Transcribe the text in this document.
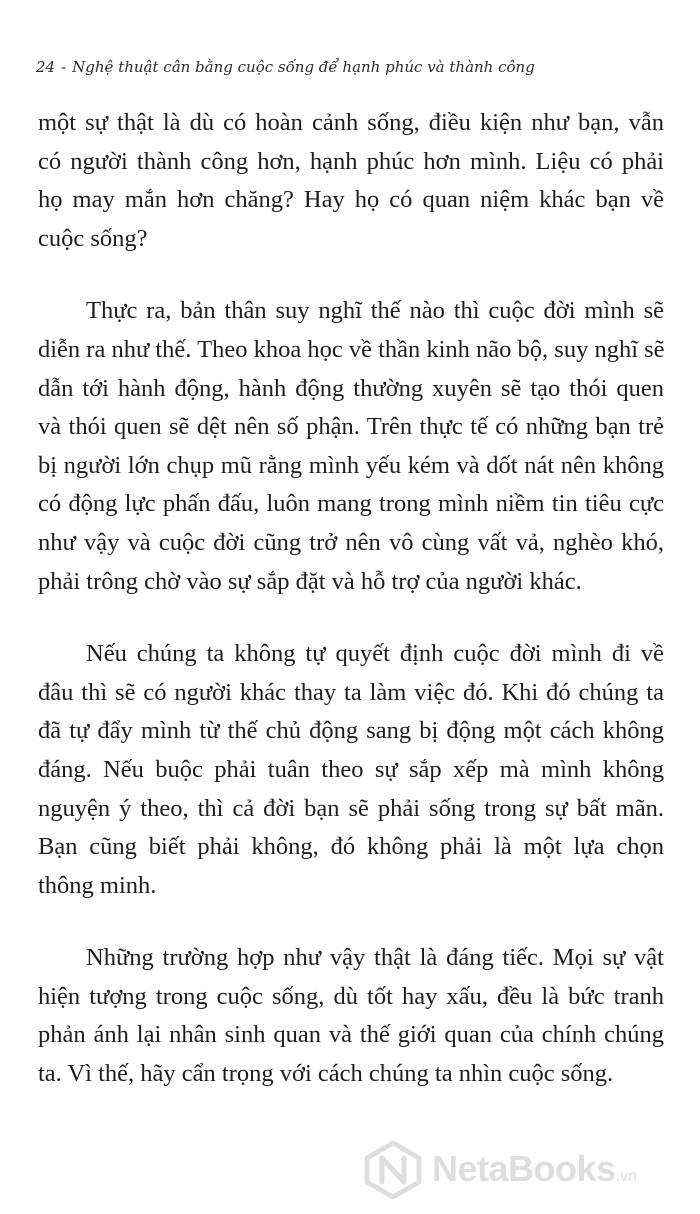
24 - Nghệ thuật cân bằng cuộc sống để hạnh phúc và thành công

một sự thật là dù có hoàn cảnh sống, điều kiện như bạn, vẫn
có người thành công hơn, hạnh phúc hơn mình. Liệu có phải
họ may mắn hơn chăng? Hay họ có quan niệm khác bạn về
cuộc sống?

Thực ra, bản thân suy nghĩ thế nào thì cuộc đời mình sẽ
diễn ra như thế. Theo khoa học về thần kinh não bộ, suy nghĩ sẽ
dẫn tới hành động, hành động thường xuyên sẽ tạo thói quen
và thói quen sẽ dệt nên số phận. Trên thực tế có những bạn trẻ
bị người lớn chụp mũ rằng mình yếu kém và dốt nát nên không
có động lực phấn đấu, luôn mang trong mình niềm tin tiêu cực
như vậy và cuộc đời cũng trở nên vô cùng vất vả, nghèo khó,
phải trông chờ vào sự sắp đặt và hỗ trợ của người khác.

Nếu chúng ta không tự quyết định cuộc đời mình đi về
đâu thì sẽ có người khác thay ta làm việc đó. Khi đó chúng ta
đã tự đẩy mình từ thế chủ động sang bị động một cách không
đáng. Nếu buộc phải tuân theo sự sắp xếp mà mình không
nguyện ý theo, thì cả đời bạn sẽ phải sống trong sự bất mãn.
Bạn cũng biết phải không, đó không phải là một lựa chọn
thông minh.

Những trường hợp như vậy thật là đáng tiếc. Mọi sự vật
hiện tượng trong cuộc sống, dù tốt hay xấu, đều là bức tranh
phản ánh lại nhân sinh quan và thế giới quan của chính chúng
ta. Vì thế, hãy cẩn trọng với cách chúng ta nhìn cuộc sống.

NetaBooks.vn
